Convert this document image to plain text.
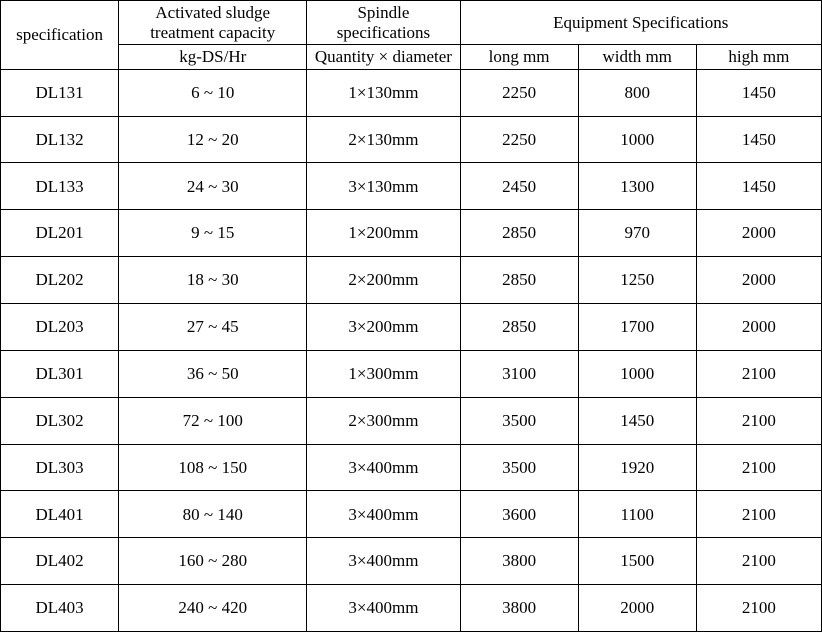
specification	Activated sludge treatment capacity	Spindle specifications	Equipment Specifications		
	kg-DS/Hr	Quantity × diameter	long mm	width mm	high mm
DL131	6 ~ 10	1×130mm	2250	800	1450
DL132	12 ~ 20	2×130mm	2250	1000	1450
DL133	24 ~ 30	3×130mm	2450	1300	1450
DL201	9 ~ 15	1×200mm	2850	970	2000
DL202	18 ~ 30	2×200mm	2850	1250	2000
DL203	27 ~ 45	3×200mm	2850	1700	2000
DL301	36 ~ 50	1×300mm	3100	1000	2100
DL302	72 ~ 100	2×300mm	3500	1450	2100
DL303	108 ~ 150	3×400mm	3500	1920	2100
DL401	80 ~ 140	3×400mm	3600	1100	2100
DL402	160 ~ 280	3×400mm	3800	1500	2100
DL403	240 ~ 420	3×400mm	3800	2000	2100
